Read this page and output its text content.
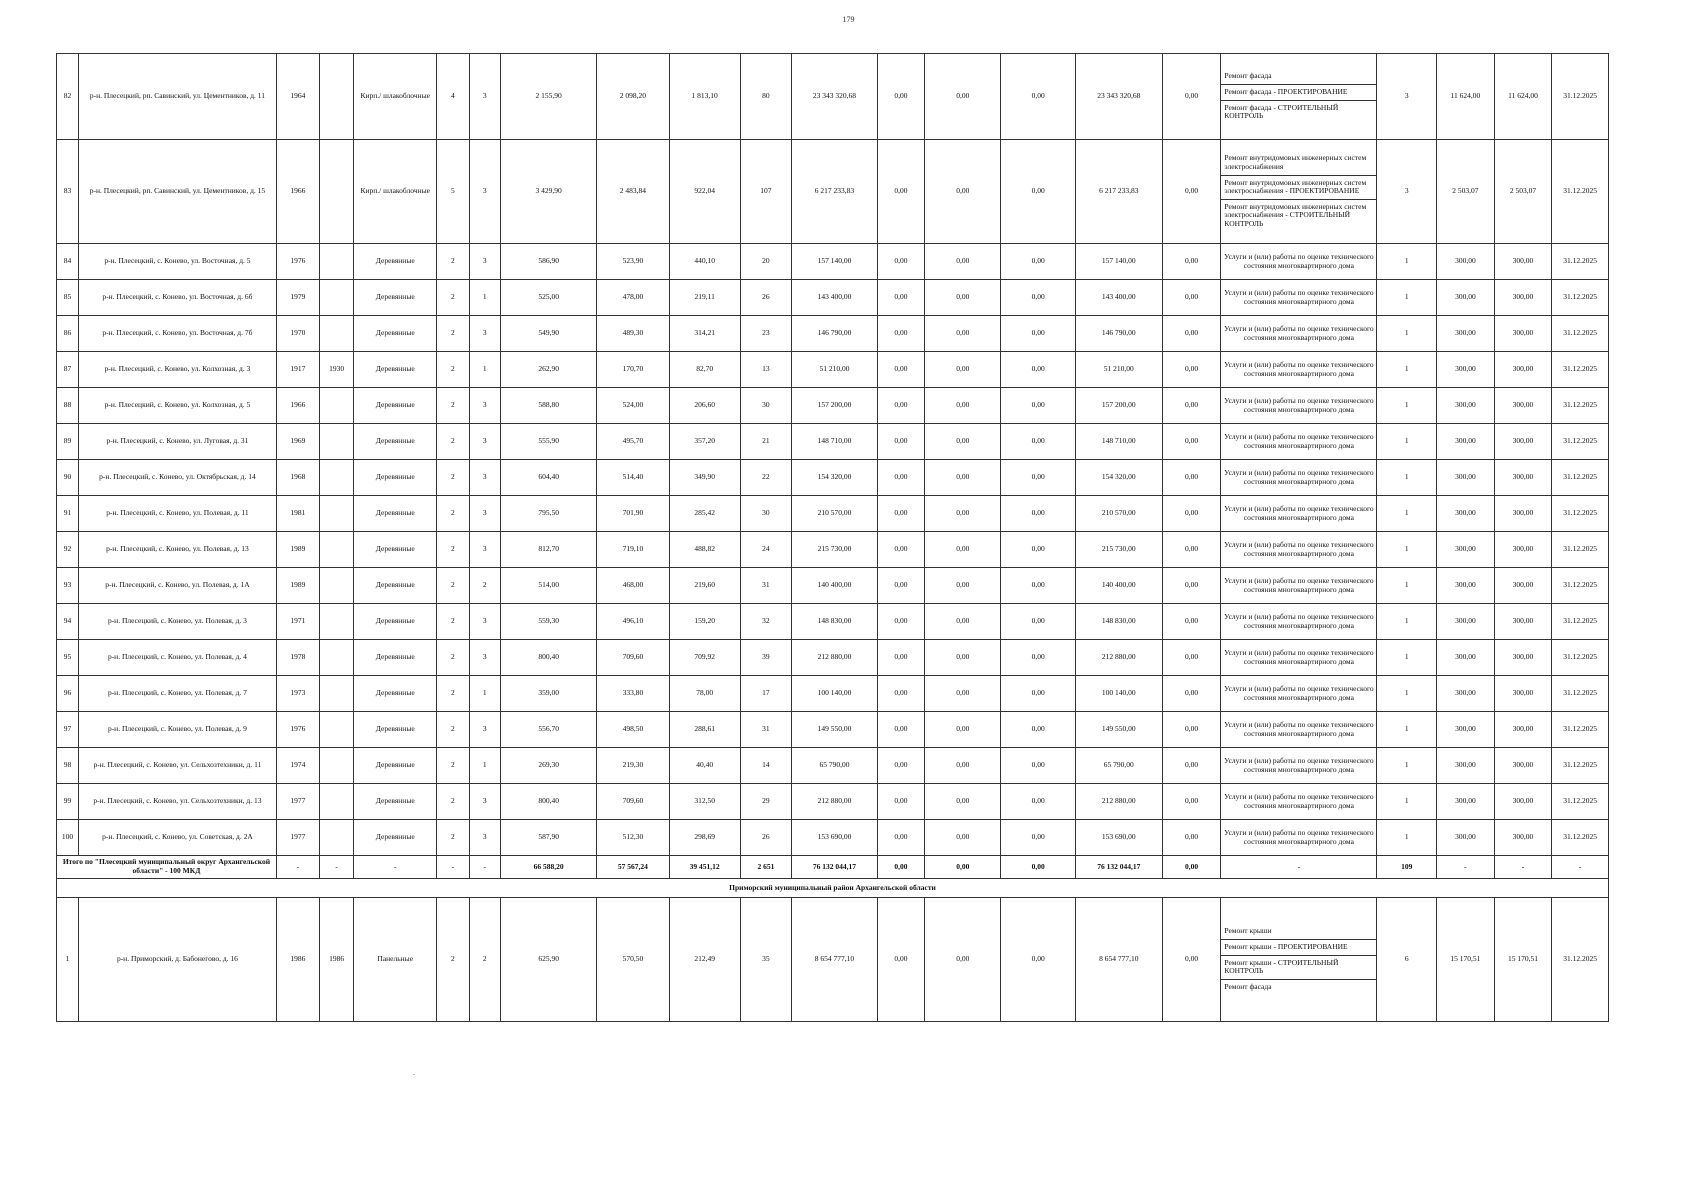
179
82	р-н. Плесецкий, рп. Савинский, ул. Цементников, д. 11	1964		Кирп./ шлакоблочные	4	3	2 155,90	2 098,20	1 813,10	80	23 343 320,68	0,00	0,00	0,00	23 343 320,68	0,00	Ремонт фасада
Ремонт фасада - ПРОЕКТИРОВАНИЕ
Ремонт фасада - СТРОИТЕЛЬНЫЙ КОНТРОЛЬ	3	11 624,00	11 624,00	31.12.2025
83	р-н. Плесецкий, рп. Савинский, ул. Цементников, д. 15	1966		Кирп./ шлакоблочные	5	3	3 429,90	2 483,84	922,04	107	6 217 233,83	0,00	0,00	0,00	6 217 233,83	0,00	Ремонт внутридомовых инженерных систем электроснабжения
Ремонт внутридомовых инженерных систем электроснабжения - ПРОЕКТИРОВАНИЕ
Ремонт внутридомовых инженерных систем электроснабжения - СТРОИТЕЛЬНЫЙ КОНТРОЛЬ	3	2 503,07	2 503,07	31.12.2025
84	р-н. Плесецкий, с. Конево, ул. Восточная, д. 5	1976		Деревянные	2	3	586,90	523,90	440,10	20	157 140,00	0,00	0,00	0,00	157 140,00	0,00	Услуги и (или) работы по оценке технического состояния многоквартирного дома	1	300,00	300,00	31.12.2025
85	р-н. Плесецкий, с. Конево, ул. Восточная, д. 6б	1979		Деревянные	2	1	525,00	478,00	219,11	26	143 400,00	0,00	0,00	0,00	143 400,00	0,00	Услуги и (или) работы по оценке технического состояния многоквартирного дома	1	300,00	300,00	31.12.2025
86	р-н. Плесецкий, с. Конево, ул. Восточная, д. 7б	1970		Деревянные	2	3	549,90	489,30	314,21	23	146 790,00	0,00	0,00	0,00	146 790,00	0,00	Услуги и (или) работы по оценке технического состояния многоквартирного дома	1	300,00	300,00	31.12.2025
87	р-н. Плесецкий, с. Конево, ул. Колхозная, д. 3	1917	1930	Деревянные	2	1	262,90	170,70	82,70	13	51 210,00	0,00	0,00	0,00	51 210,00	0,00	Услуги и (или) работы по оценке технического состояния многоквартирного дома	1	300,00	300,00	31.12.2025
88	р-н. Плесецкий, с. Конево, ул. Колхозная, д. 5	1966		Деревянные	2	3	588,80	524,00	206,60	30	157 200,00	0,00	0,00	0,00	157 200,00	0,00	Услуги и (или) работы по оценке технического состояния многоквартирного дома	1	300,00	300,00	31.12.2025
89	р-н. Плесецкий, с. Конево, ул. Луговая, д. 31	1969		Деревянные	2	3	555,90	495,70	357,20	21	148 710,00	0,00	0,00	0,00	148 710,00	0,00	Услуги и (или) работы по оценке технического состояния многоквартирного дома	1	300,00	300,00	31.12.2025
90	р-н. Плесецкий, с. Конево, ул. Октябрьская, д. 14	1968		Деревянные	2	3	604,40	514,40	349,90	22	154 320,00	0,00	0,00	0,00	154 320,00	0,00	Услуги и (или) работы по оценке технического состояния многоквартирного дома	1	300,00	300,00	31.12.2025
91	р-н. Плесецкий, с. Конево, ул. Полевая, д. 11	1981		Деревянные	2	3	795,50	701,90	285,42	30	210 570,00	0,00	0,00	0,00	210 570,00	0,00	Услуги и (или) работы по оценке технического состояния многоквартирного дома	1	300,00	300,00	31.12.2025
92	р-н. Плесецкий, с. Конево, ул. Полевая, д. 13	1989		Деревянные	2	3	812,70	719,10	488,82	24	215 730,00	0,00	0,00	0,00	215 730,00	0,00	Услуги и (или) работы по оценке технического состояния многоквартирного дома	1	300,00	300,00	31.12.2025
93	р-н. Плесецкий, с. Конево, ул. Полевая, д. 1А	1989		Деревянные	2	2	514,00	468,00	219,60	31	140 400,00	0,00	0,00	0,00	140 400,00	0,00	Услуги и (или) работы по оценке технического состояния многоквартирного дома	1	300,00	300,00	31.12.2025
94	р-н. Плесецкий, с. Конево, ул. Полевая, д. 3	1971		Деревянные	2	3	559,30	496,10	159,20	32	148 830,00	0,00	0,00	0,00	148 830,00	0,00	Услуги и (или) работы по оценке технического состояния многоквартирного дома	1	300,00	300,00	31.12.2025
95	р-н. Плесецкий, с. Конево, ул. Полевая, д. 4	1978		Деревянные	2	3	800,40	709,60	709,92	39	212 880,00	0,00	0,00	0,00	212 880,00	0,00	Услуги и (или) работы по оценке технического состояния многоквартирного дома	1	300,00	300,00	31.12.2025
96	р-н. Плесецкий, с. Конево, ул. Полевая, д. 7	1973		Деревянные	2	1	359,00	333,80	78,00	17	100 140,00	0,00	0,00	0,00	100 140,00	0,00	Услуги и (или) работы по оценке технического состояния многоквартирного дома	1	300,00	300,00	31.12.2025
97	р-н. Плесецкий, с. Конево, ул. Полевая, д. 9	1976		Деревянные	2	3	556,70	498,50	288,61	31	149 550,00	0,00	0,00	0,00	149 550,00	0,00	Услуги и (или) работы по оценке технического состояния многоквартирного дома	1	300,00	300,00	31.12.2025
98	р-н. Плесецкий, с. Конево, ул. Сельхозтехники, д. 11	1974		Деревянные	2	1	269,30	219,30	40,40	14	65 790,00	0,00	0,00	0,00	65 790,00	0,00	Услуги и (или) работы по оценке технического состояния многоквартирного дома	1	300,00	300,00	31.12.2025
99	р-н. Плесецкий, с. Конево, ул. Сельхозтехники, д. 13	1977		Деревянные	2	3	800,40	709,60	312,50	29	212 880,00	0,00	0,00	0,00	212 880,00	0,00	Услуги и (или) работы по оценке технического состояния многоквартирного дома	1	300,00	300,00	31.12.2025
100	р-н. Плесецкий, с. Конево, ул. Советская, д. 2А	1977		Деревянные	2	3	587,90	512,30	298,69	26	153 690,00	0,00	0,00	0,00	153 690,00	0,00	Услуги и (или) работы по оценке технического состояния многоквартирного дома	1	300,00	300,00	31.12.2025
Итого по "Плесецкий муниципальный округ Архангельской области" - 100 МКД		-	-	-	-	-	66 588,20	57 567,24	39 451,12	2 651	76 132 044,17	0,00	0,00	0,00	76 132 044,17	0,00	-	109	-	-	-
Приморский муниципальный район Архангельской области																					
1	р-н. Приморский, д. Бабонегово, д. 16	1986	1986	Панельные	2	2	625,90	570,50	212,49	35	8 654 777,10	0,00	0,00	0,00	8 654 777,10	0,00	Ремонт крыши
Ремонт крыши - ПРОЕКТИРОВАНИЕ
Ремонт крыши - СТРОИТЕЛЬНЫЙ КОНТРОЛЬ
Ремонт фасада	6	15 170,51	15 170,51	31.12.2025
.
